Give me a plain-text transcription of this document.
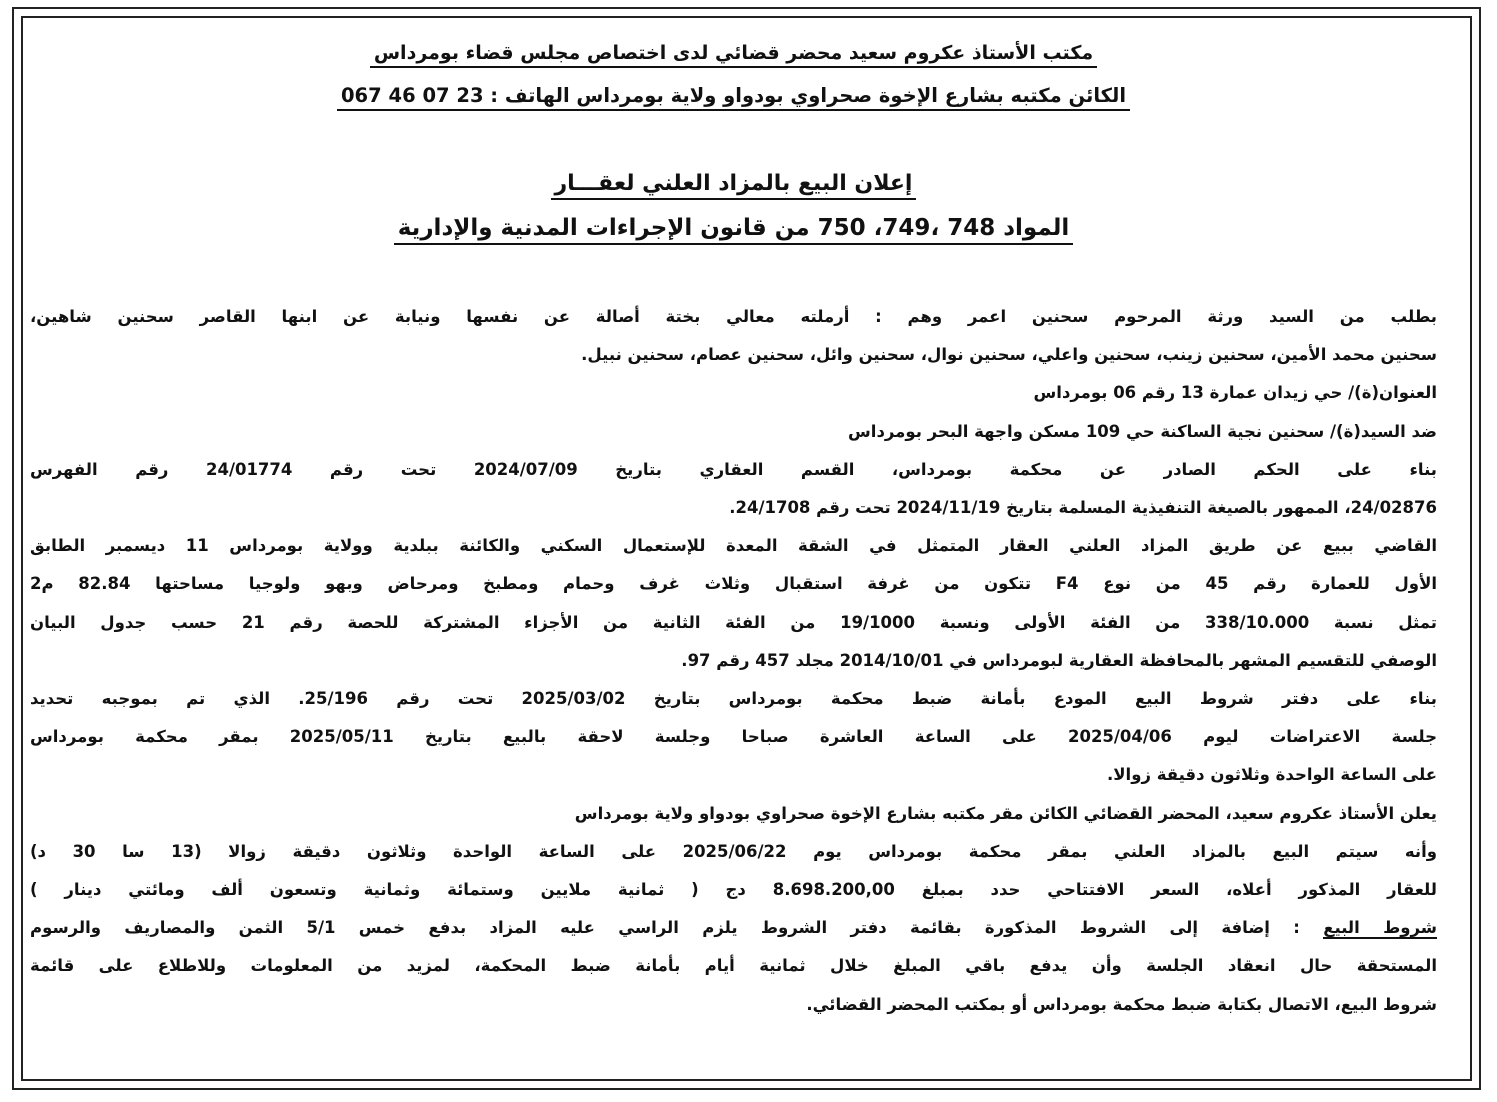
مكتب الأستاذ عكروم سعيد محضر قضائي لدى اختصاص مجلس قضاء بومرداس
الكائن مكتبه بشارع الإخوة صحراوي بودواو ولاية بومرداس الهاتف : 23 07 46 067
إعلان البيع بالمزاد العلني لعقـــار
المواد 748 ،749، 750 من قانون الإجراءات المدنية والإدارية
بطلب من السيد ورثة المرحوم سحنين اعمر وهم : أرملته معالي بختة أصالة عن نفسها ونيابة عن ابنها القاصر سحنين شاهين،
سحنين محمد الأمين، سحنين زينب، سحنين واعلي، سحنين نوال، سحنين وائل، سحنين عصام، سحنين نبيل.
العنوان(ة)/ حي زيدان عمارة 13 رقم 06 بومرداس
ضد السيد(ة)/ سحنين نجية الساكنة حي 109 مسكن واجهة البحر بومرداس
بناء على الحكم الصادر عن محكمة بومرداس، القسم العقاري بتاريخ 2024/07/09 تحت رقم 24/01774 رقم الفهرس
24/02876، الممهور بالصيغة التنفيذية المسلمة بتاريخ 2024/11/19 تحت رقم 24/1708.
القاضي ببيع عن طريق المزاد العلني العقار المتمثل في الشقة المعدة للإستعمال السكني والكائنة ببلدية وولاية بومرداس 11 ديسمبر الطابق
الأول للعمارة رقم 45 من نوع F4 تتكون من غرفة استقبال وثلاث غرف وحمام ومطبخ ومرحاض وبهو ولوجيا مساحتها 82.84 م2
تمثل نسبة 338/10.000 من الفئة الأولى ونسبة 19/1000 من الفئة الثانية من الأجزاء المشتركة للحصة رقم 21 حسب جدول البيان
الوصفي للتقسيم المشهر بالمحافظة العقارية لبومرداس في 2014/10/01 مجلد 457 رقم 97.
بناء على دفتر شروط البيع المودع بأمانة ضبط محكمة بومرداس بتاريخ 2025/03/02 تحت رقم 25/196. الذي تم بموجبه تحديد
جلسة الاعتراضات ليوم 2025/04/06 على الساعة العاشرة صباحا وجلسة لاحقة بالبيع بتاريخ 2025/05/11 بمقر محكمة بومرداس
على الساعة الواحدة وثلاثون دقيقة زوالا.
يعلن الأستاذ عكروم سعيد، المحضر القضائي الكائن مقر مكتبه بشارع الإخوة صحراوي بودواو ولاية بومرداس
وأنه سيتم البيع بالمزاد العلني بمقر محكمة بومرداس يوم 2025/06/22 على الساعة الواحدة وثلاثون دقيقة زوالا (13 سا 30 د)
للعقار المذكور أعلاه، السعر الافتتاحي حدد بمبلغ 8.698.200,00 دج ( ثمانية ملايين وستمائة وثمانية وتسعون ألف ومائتي دينار )
شروط البيع : إضافة إلى الشروط المذكورة بقائمة دفتر الشروط يلزم الراسي عليه المزاد بدفع خمس 5/1 الثمن والمصاريف والرسوم
المستحقة حال انعقاد الجلسة وأن يدفع باقي المبلغ خلال ثمانية أيام بأمانة ضبط المحكمة، لمزيد من المعلومات وللاطلاع على قائمة
شروط البيع، الاتصال بكتابة ضبط محكمة بومرداس أو بمكتب المحضر القضائي.
